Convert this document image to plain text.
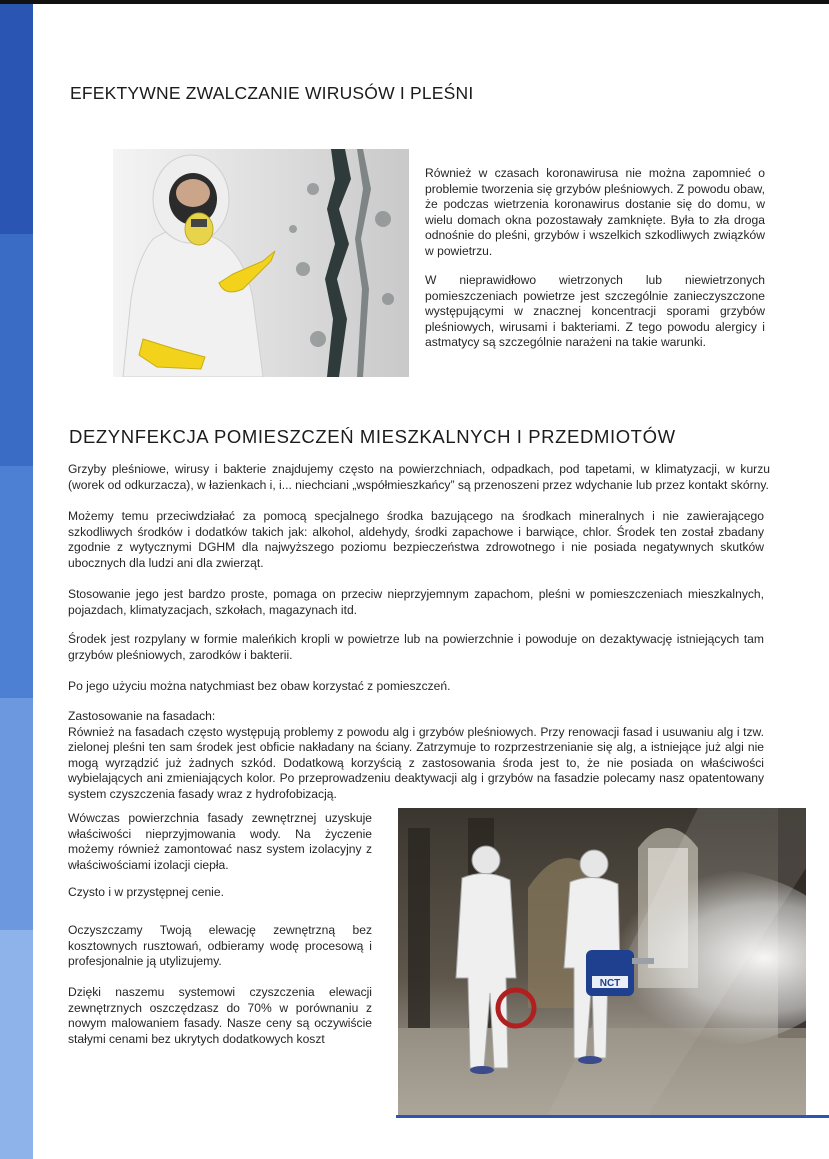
EFEKTYWNE ZWALCZANIE WIRUSÓW I PLEŚNI

Również w czasach koronawirusa nie można zapomnieć o problemie tworzenia się grzybów pleśniowych. Z powodu obaw, że podczas wietrzenia koronawirus dostanie się do domu, w wielu domach okna pozostawały zamknięte. Była to zła droga odnośnie do pleśni, grzybów i wszelkich szkodliwych związków w powietrzu.

W nieprawidłowo wietrzonych lub niewietrzonych pomieszczeniach powietrze jest szczególnie zanieczyszczone występującymi w znacznej koncentracji sporami grzybów pleśniowych, wirusami i bakteriami. Z tego powodu alergicy i astmatycy są szczególnie narażeni na takie warunki.

DEZYNFEKCJA POMIESZCZEŃ MIESZKALNYCH I PRZEDMIOTÓW

Grzyby pleśniowe, wirusy i bakterie znajdujemy często na powierzchniach, odpadkach, pod tapetami, w klimatyzacji, w kurzu (worek od odkurzacza), w łazienkach i, i... niechciani „współmieszkańcy” są przenoszeni przez wdychanie lub przez kontakt skórny.

Możemy temu przeciwdziałać za pomocą specjalnego środka bazującego na środkach mineralnych i nie zawierającego szkodliwych środków i dodatków takich jak: alkohol, aldehydy, środki zapachowe i barwiące, chlor. Środek ten został zbadany zgodnie z wytycznymi DGHM dla najwyższego poziomu bezpieczeństwa zdrowotnego i nie posiada negatywnych skutków ubocznych dla ludzi ani dla zwierząt.

Stosowanie jego jest bardzo proste, pomaga on przeciw nieprzyjemnym zapachom, pleśni w pomieszczeniach mieszkalnych, pojazdach, klimatyzacjach, szkołach, magazynach itd.

Środek jest rozpylany w formie maleńkich kropli w powietrze lub na powierzchnie i powoduje on dezaktywację istniejących tam grzybów pleśniowych, zarodków i bakterii.

Po jego użyciu można natychmiast bez obaw korzystać z pomieszczeń.

Zastosowanie na fasadach:
Również na fasadach często występują problemy z powodu alg i grzybów pleśniowych. Przy renowacji fasad i usuwaniu alg i tzw. zielonej pleśni ten sam środek jest obficie nakładany na ściany. Zatrzymuje to rozprzestrzenianie się alg, a istniejące już algi nie mogą wyrządzić już żadnych szkód. Dodatkową korzyścią z zastosowania środa jest to, że nie posiada on właściwości wybielających ani zmieniających kolor. Po przeprowadzeniu deaktywacji alg i grzybów na fasadzie polecamy nasz opatentowany system czyszczenia fasady wraz z hydrofobizacją.

Wówczas powierzchnia fasady zewnętrznej uzyskuje właściwości nieprzyjmowania wody. Na życzenie możemy również zamontować nasz system izolacyjny z właściwościami izolacji ciepła.

Czysto i w przystępnej cenie.

Oczyszczamy Twoją elewację zewnętrzną bez kosztownych rusztowań, odbieramy wodę procesową i profesjonalnie ją utylizujemy.

Dzięki naszemu systemowi czyszczenia elewacji zewnętrznych oszczędzasz do 70% w porównaniu z nowym malowaniem fasady. Nasze ceny są oczywiście stałymi cenami bez ukrytych dodatkowych koszt

NCT
